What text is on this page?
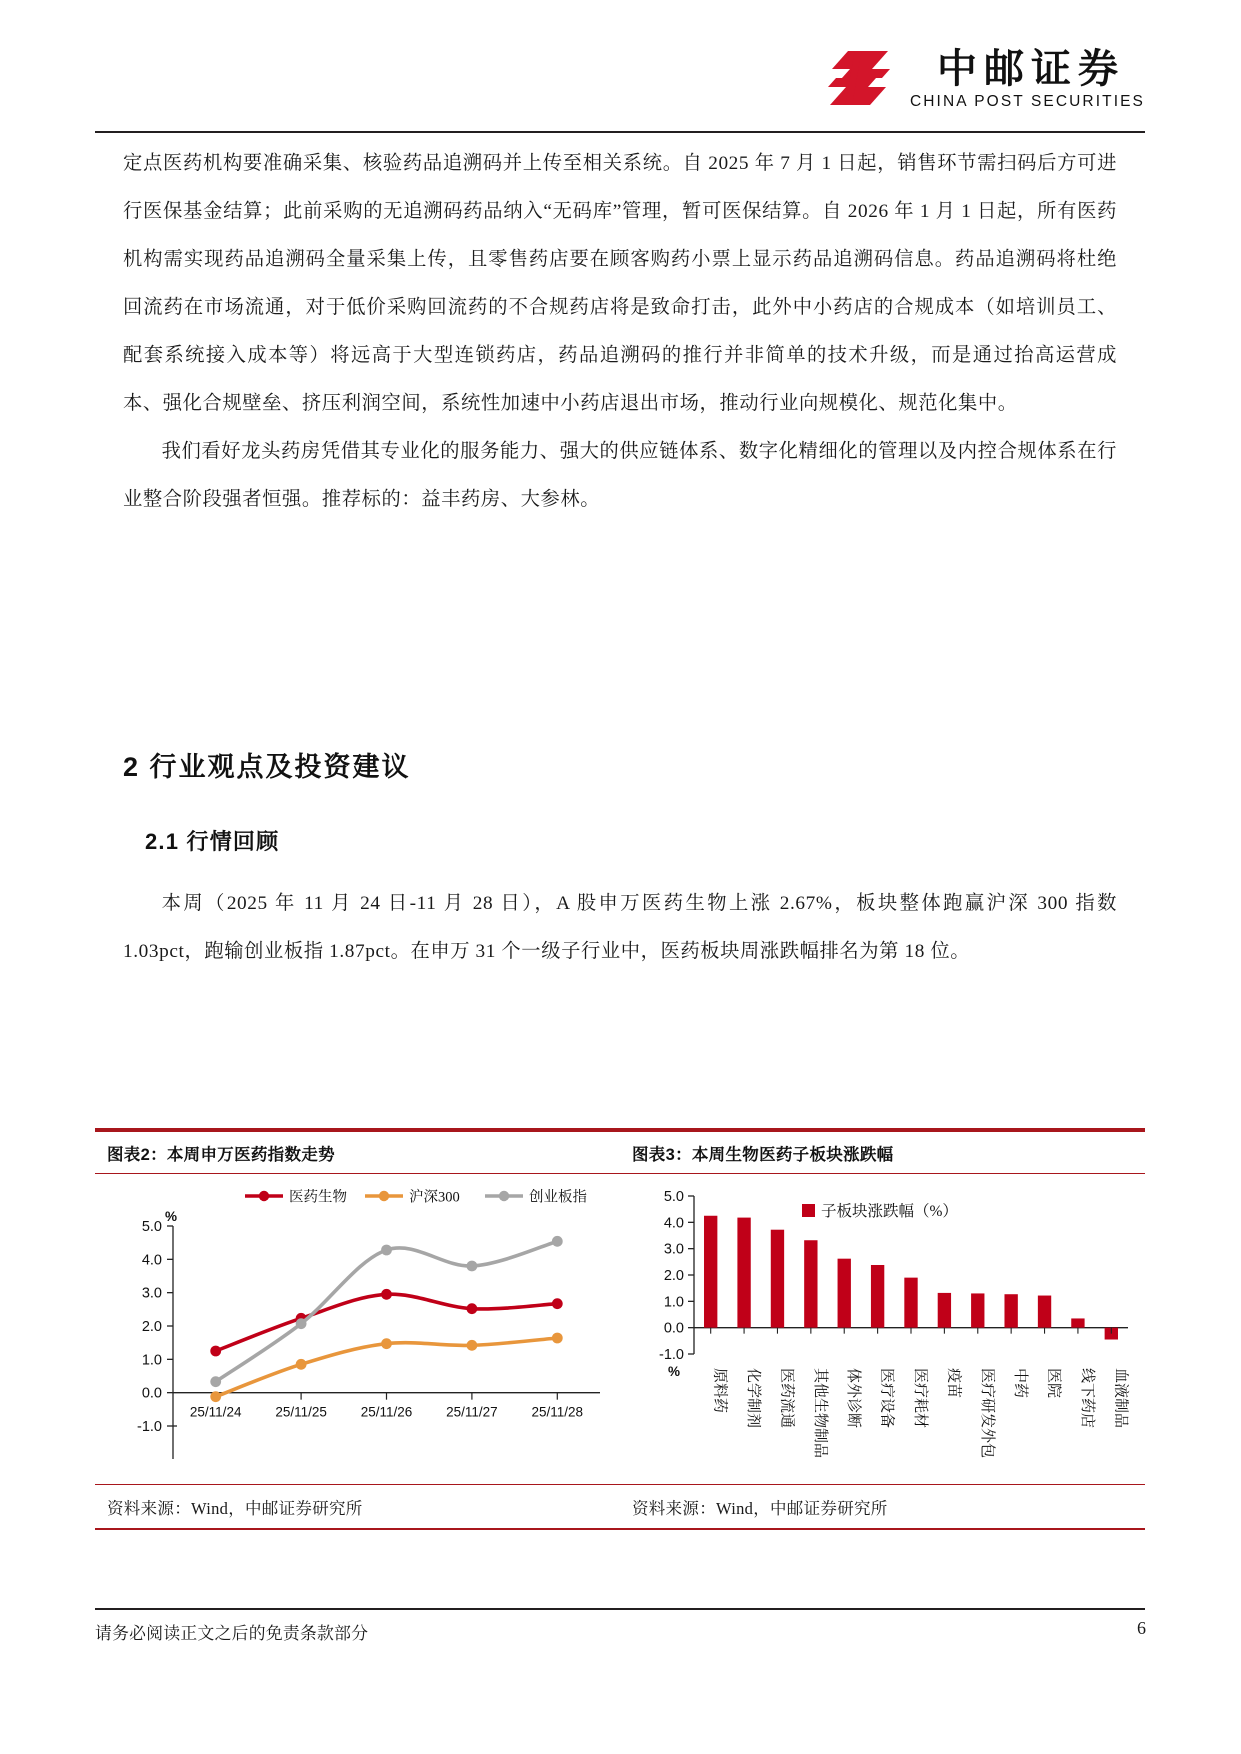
中邮证券
CHINA POST SECURITIES

定点医药机构要准确采集、核验药品追溯码并上传至相关系统。自 2025 年 7 月 1 日起，销售环节需扫码后方可进行医保基金结算；此前采购的无追溯码药品纳入“无码库”管理，暂可医保结算。自 2026 年 1 月 1 日起，所有医药机构需实现药品追溯码全量采集上传，且零售药店要在顾客购药小票上显示药品追溯码信息。药品追溯码将杜绝回流药在市场流通，对于低价采购回流药的不合规药店将是致命打击，此外中小药店的合规成本（如培训员工、配套系统接入成本等）将远高于大型连锁药店，药品追溯码的推行并非简单的技术升级，而是通过抬高运营成本、强化合规壁垒、挤压利润空间，系统性加速中小药店退出市场，推动行业向规模化、规范化集中。

我们看好龙头药房凭借其专业化的服务能力、强大的供应链体系、数字化精细化的管理以及内控合规体系在行业整合阶段强者恒强。推荐标的：益丰药房、大参林。

2 行业观点及投资建议
2.1 行情回顾

本周（2025 年 11 月 24 日-11 月 28 日），A 股申万医药生物上涨 2.67%，板块整体跑赢沪深 300 指数 1.03pct，跑输创业板指 1.87pct。在申万 31 个一级子行业中，医药板块周涨跌幅排名为第 18 位。

图表2：本周申万医药指数走势	图表3：本周生物医药子板块涨跌幅
医药生物	沪深300	创业板指
-1.0
0.0
1.0
2.0
3.0
4.0
5.0
%
25/11/24	25/11/25	25/11/26	25/11/27	25/11/28
子板块涨跌幅（%）
-1.0
0.0
1.0
2.0
3.0
4.0
5.0
% 原料药 化学制剂 医药流通 其他生物制品 体外诊断 医疗设备 医疗耗材 疫苗 医疗研发外包 中药 医院 线下药店 血液制品
资料来源：Wind，中邮证券研究所	资料来源：Wind，中邮证券研究所
请务必阅读正文之后的免责条款部分	6
